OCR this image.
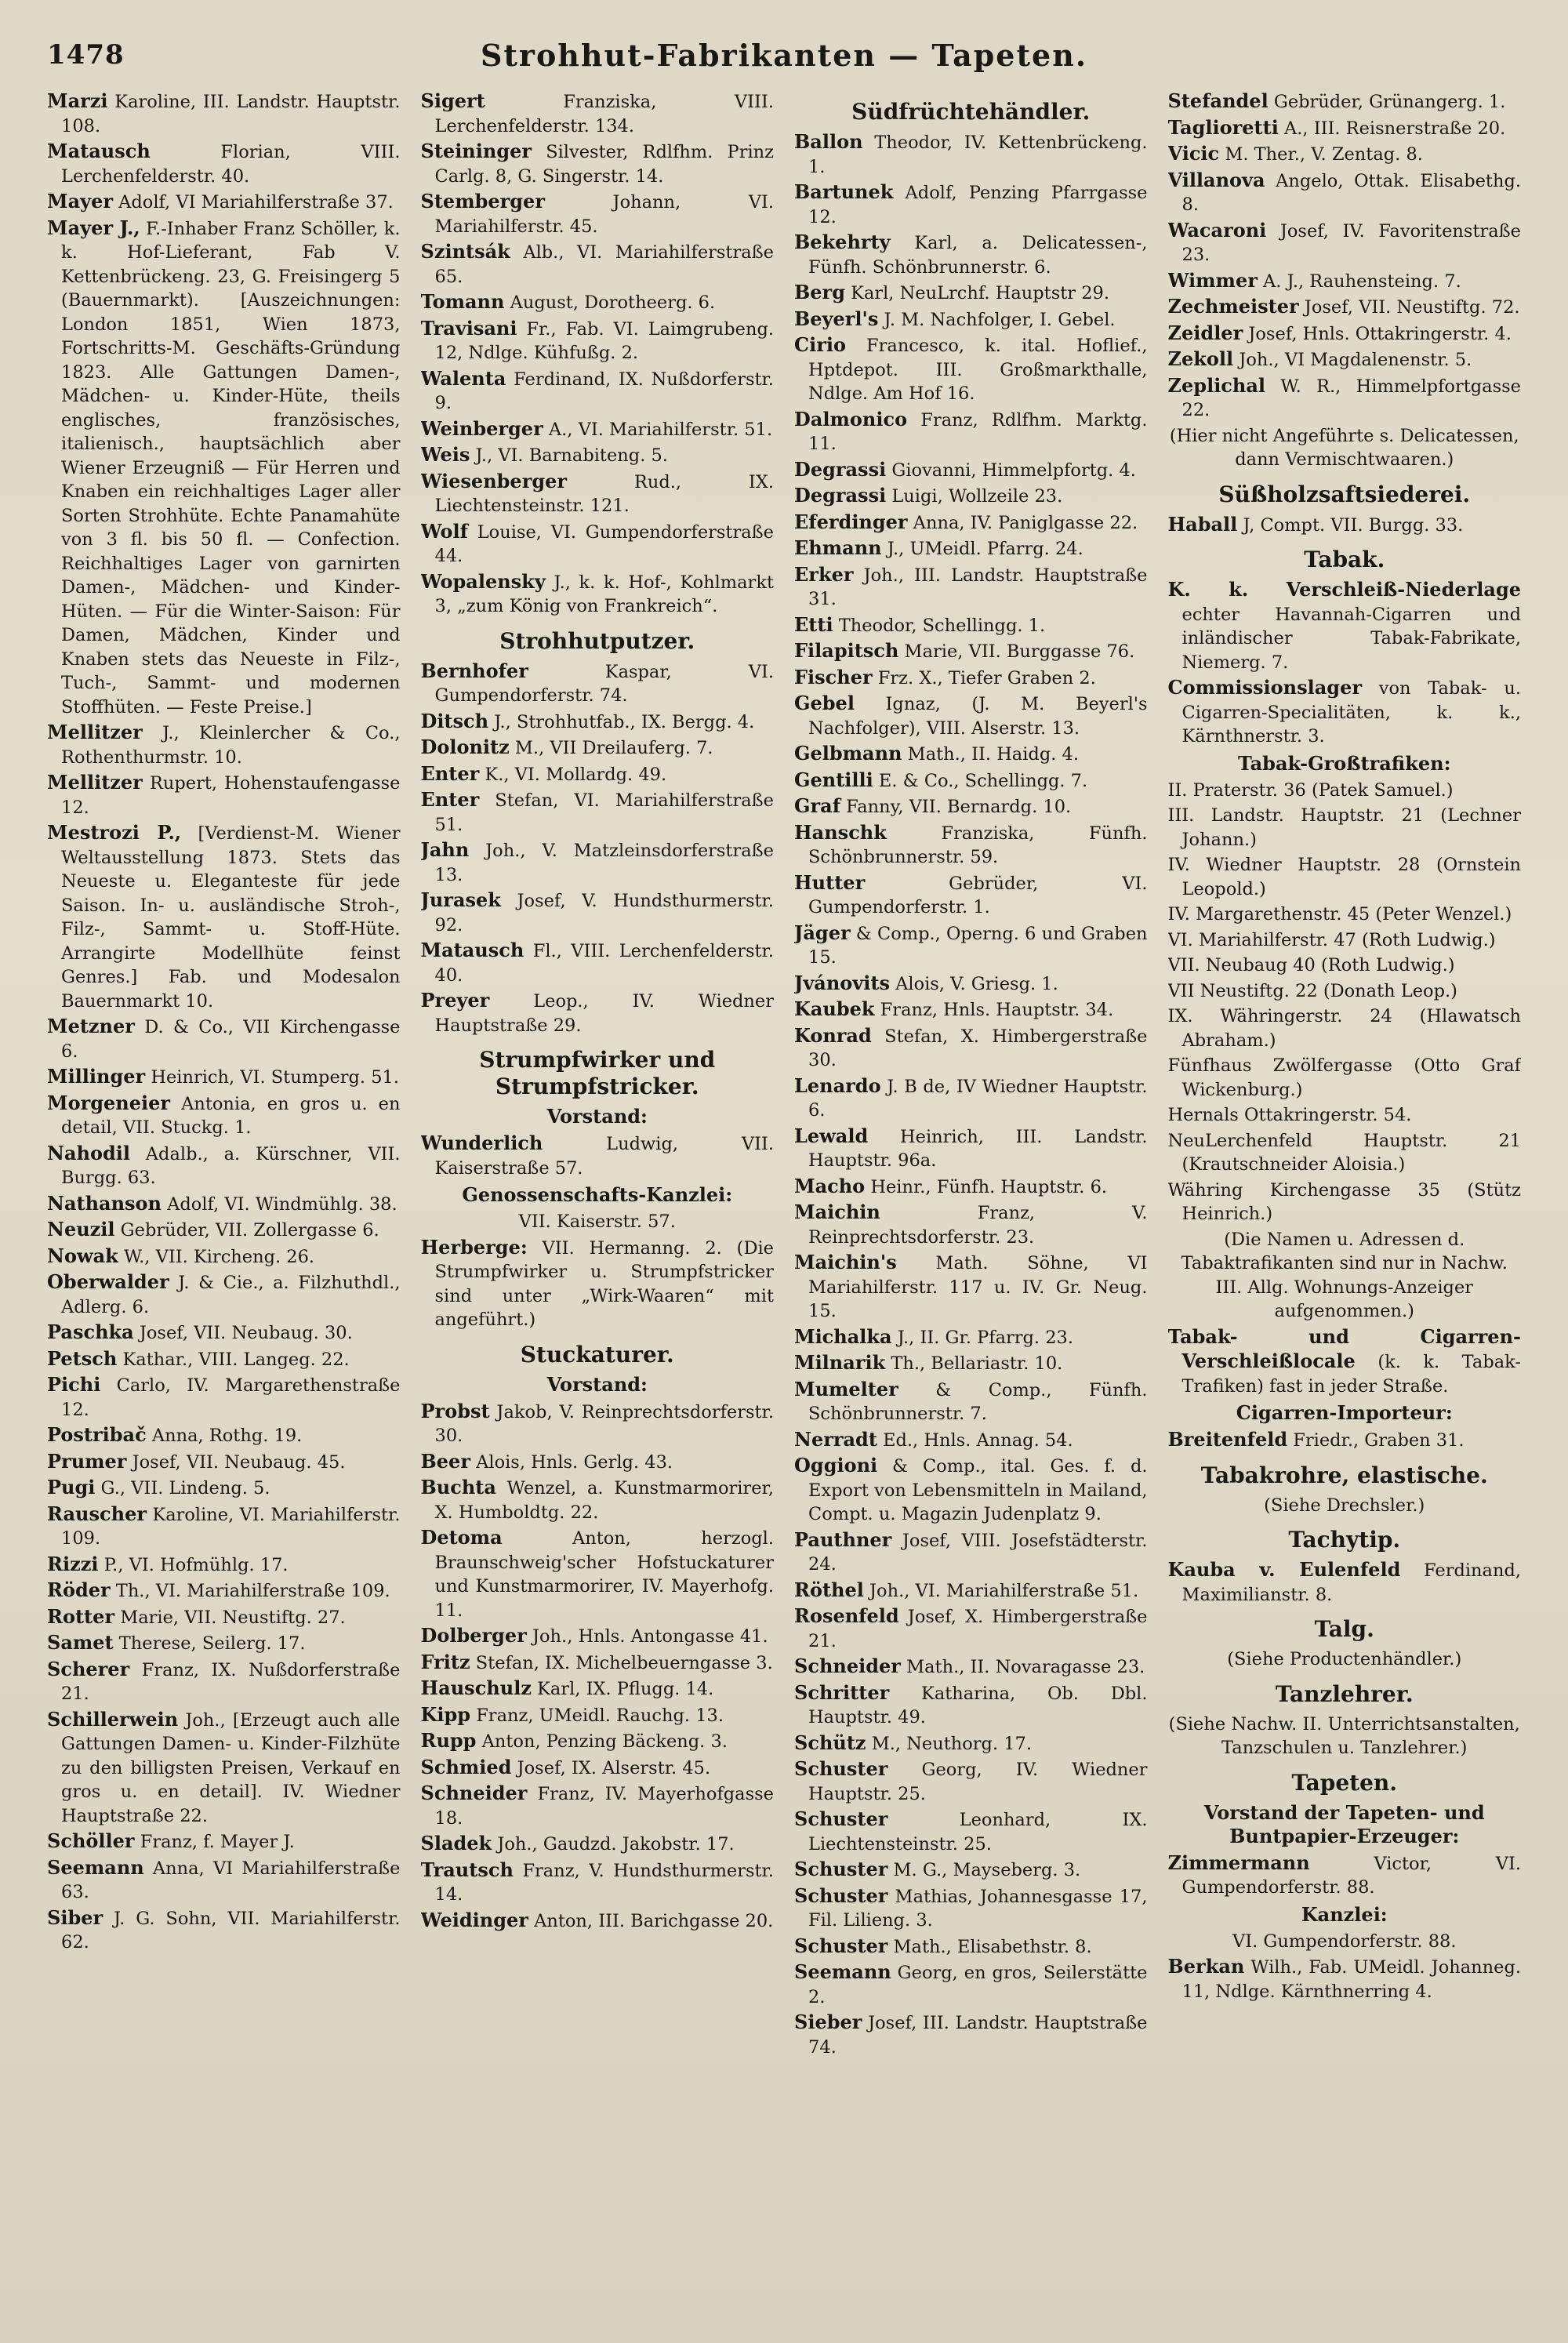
1478	Strohhut-Fabrikanten — Tapeten.
Marzi Karoline, III. Landstr. Hauptstr. 108.
Matausch Florian, VIII. Lerchenfelderstr. 40.
Mayer Adolf, VI Mariahilferstraße 37.
Mayer J., F.-Inhaber Franz Schöller, k. k. Hof-Lieferant, Fab V. Kettenbrückeng. 23, G. Freisingerg 5 (Bauernmarkt). [Auszeichnungen: London 1851, Wien 1873, Fortschritts-M. Geschäfts-Gründung 1823. Alle Gattungen Damen-, Mädchen- u. Kinder-Hüte, theils englisches, französisches, italienisch., hauptsächlich aber Wiener Erzeugniß — Für Herren und Knaben ein reichhaltiges Lager aller Sorten Strohhüte. Echte Panamahüte von 3 fl. bis 50 fl. — Confection. Reichhaltiges Lager von garnirten Damen-, Mädchen- und Kinder-Hüten. — Für die Winter-Saison: Für Damen, Mädchen, Kinder und Knaben stets das Neueste in Filz-, Tuch-, Sammt- und modernen Stoffhüten. — Feste Preise.]
Mellitzer J., Kleinlercher & Co., Rothenthurmstr. 10.
Mellitzer Rupert, Hohenstaufengasse 12.
Mestrozi P., [Verdienst-M. Wiener Weltausstellung 1873. Stets das Neueste u. Eleganteste für jede Saison. In- u. ausländische Stroh-, Filz-, Sammt- u. Stoff-Hüte. Arrangirte Modellhüte feinst Genres.] Fab. und Modesalon Bauernmarkt 10.
Metzner D. & Co., VII Kirchengasse 6.
Millinger Heinrich, VI. Stumperg. 51.
Morgeneier Antonia, en gros u. en detail, VII. Stuckg. 1.
Nahodil Adalb., a. Kürschner, VII. Burgg. 63.
Nathanson Adolf, VI. Windmühlg. 38.
Neuzil Gebrüder, VII. Zollergasse 6.
Nowak W., VII. Kircheng. 26.
Oberwalder J. & Cie., a. Filzhuthdl., Adlerg. 6.
Paschka Josef, VII. Neubaug. 30.
Petsch Kathar., VIII. Langeg. 22.
Pichi Carlo, IV. Margarethenstraße 12.
Postribač Anna, Rothg. 19.
Prumer Josef, VII. Neubaug. 45.
Pugi G., VII. Lindeng. 5.
Rauscher Karoline, VI. Mariahilferstr. 109.
Rizzi P., VI. Hofmühlg. 17.
Röder Th., VI. Mariahilferstraße 109.
Rotter Marie, VII. Neustiftg. 27.
Samet Therese, Seilerg. 17.
Scherer Franz, IX. Nußdorferstraße 21.
Schillerwein Joh., [Erzeugt auch alle Gattungen Damen- u. Kinder-Filzhüte zu den billigsten Preisen, Verkauf en gros u. en detail]. IV. Wiedner Hauptstraße 22.
Schöller Franz, f. Mayer J.
Seemann Anna, VI Mariahilferstraße 63.
Siber J. G. Sohn, VII. Mariahilferstr. 62.
Sigert Franziska, VIII. Lerchenfelderstr. 134.
Steininger Silvester, Rdlfhm. Prinz Carlg. 8, G. Singerstr. 14.
Stemberger Johann, VI. Mariahilferstr. 45.
Szintsák Alb., VI. Mariahilferstraße 65.
Tomann August, Dorotheerg. 6.
Travisani Fr., Fab. VI. Laimgrubeng. 12, Ndlge. Kühfußg. 2.
Walenta Ferdinand, IX. Nußdorferstr. 9.
Weinberger A., VI. Mariahilferstr. 51.
Weis J., VI. Barnabiteng. 5.
Wiesenberger Rud., IX. Liechtensteinstr. 121.
Wolf Louise, VI. Gumpendorferstraße 44.
Wopalensky J., k. k. Hof-, Kohlmarkt 3, „zum König von Frankreich“.
Strohhutputzer.
Bernhofer Kaspar, VI. Gumpendorferstr. 74.
Ditsch J., Strohhutfab., IX. Bergg. 4.
Dolonitz M., VII Dreilauferg. 7.
Enter K., VI. Mollardg. 49.
Enter Stefan, VI. Mariahilferstraße 51.
Jahn Joh., V. Matzleinsdorferstraße 13.
Jurasek Josef, V. Hundsthurmerstr. 92.
Matausch Fl., VIII. Lerchenfelderstr. 40.
Preyer Leop., IV. Wiedner Hauptstraße 29.
Strumpfwirker und Strumpfstricker.
Vorstand:
Wunderlich Ludwig, VII. Kaiserstraße 57.
Genossenschafts-Kanzlei:
VII. Kaiserstr. 57.
Herberge: VII. Hermanng. 2. (Die Strumpfwirker u. Strumpfstricker sind unter „Wirk-Waaren“ mit angeführt.)
Stuckaturer.
Vorstand:
Probst Jakob, V. Reinprechtsdorferstr. 30.
Beer Alois, Hnls. Gerlg. 43.
Buchta Wenzel, a. Kunstmarmorirer, X. Humboldtg. 22.
Detoma Anton, herzogl. Braunschweig'scher Hofstuckaturer und Kunstmarmorirer, IV. Mayerhofg. 11.
Dolberger Joh., Hnls. Antongasse 41.
Fritz Stefan, IX. Michelbeuerngasse 3.
Hauschulz Karl, IX. Pflugg. 14.
Kipp Franz, UMeidl. Rauchg. 13.
Rupp Anton, Penzing Bäckeng. 3.
Schmied Josef, IX. Alserstr. 45.
Schneider Franz, IV. Mayerhofgasse 18.
Sladek Joh., Gaudzd. Jakobstr. 17.
Trautsch Franz, V. Hundsthurmerstr. 14.
Weidinger Anton, III. Barichgasse 20.
Südfrüchtehändler.
Ballon Theodor, IV. Kettenbrückeng. 1.
Bartunek Adolf, Penzing Pfarrgasse 12.
Bekehrty Karl, a. Delicatessen-, Fünfh. Schönbrunnerstr. 6.
Berg Karl, NeuLrchf. Hauptstr 29.
Beyerl's J. M. Nachfolger, I. Gebel.
Cirio Francesco, k. ital. Hoflief., Hptdepot. III. Großmarkthalle, Ndlge. Am Hof 16.
Dalmonico Franz, Rdlfhm. Marktg. 11.
Degrassi Giovanni, Himmelpfortg. 4.
Degrassi Luigi, Wollzeile 23.
Eferdinger Anna, IV. Paniglgasse 22.
Ehmann J., UMeidl. Pfarrg. 24.
Erker Joh., III. Landstr. Hauptstraße 31.
Etti Theodor, Schellingg. 1.
Filapitsch Marie, VII. Burggasse 76.
Fischer Frz. X., Tiefer Graben 2.
Gebel Ignaz, (J. M. Beyerl's Nachfolger), VIII. Alserstr. 13.
Gelbmann Math., II. Haidg. 4.
Gentilli E. & Co., Schellingg. 7.
Graf Fanny, VII. Bernardg. 10.
Hanschk Franziska, Fünfh. Schönbrunnerstr. 59.
Hutter Gebrüder, VI. Gumpendorferstr. 1.
Jäger & Comp., Operng. 6 und Graben 15.
Jvánovits Alois, V. Griesg. 1.
Kaubek Franz, Hnls. Hauptstr. 34.
Konrad Stefan, X. Himbergerstraße 30.
Lenardo J. B de, IV Wiedner Hauptstr. 6.
Lewald Heinrich, III. Landstr. Hauptstr. 96a.
Macho Heinr., Fünfh. Hauptstr. 6.
Maichin Franz, V. Reinprechtsdorferstr. 23.
Maichin's Math. Söhne, VI Mariahilferstr. 117 u. IV. Gr. Neug. 15.
Michalka J., II. Gr. Pfarrg. 23.
Milnarik Th., Bellariastr. 10.
Mumelter & Comp., Fünfh. Schönbrunnerstr. 7.
Nerradt Ed., Hnls. Annag. 54.
Oggioni & Comp., ital. Ges. f. d. Export von Lebensmitteln in Mailand, Compt. u. Magazin Judenplatz 9.
Pauthner Josef, VIII. Josefstädterstr. 24.
Röthel Joh., VI. Mariahilferstraße 51.
Rosenfeld Josef, X. Himbergerstraße 21.
Schneider Math., II. Novaragasse 23.
Schritter Katharina, Ob. Dbl. Hauptstr. 49.
Schütz M., Neuthorg. 17.
Schuster Georg, IV. Wiedner Hauptstr. 25.
Schuster Leonhard, IX. Liechtensteinstr. 25.
Schuster M. G., Mayseberg. 3.
Schuster Mathias, Johannesgasse 17, Fil. Lilieng. 3.
Schuster Math., Elisabethstr. 8.
Seemann Georg, en gros, Seilerstätte 2.
Sieber Josef, III. Landstr. Hauptstraße 74.
Stefandel Gebrüder, Grünangerg. 1.
Taglioretti A., III. Reisnerstraße 20.
Vicic M. Ther., V. Zentag. 8.
Villanova Angelo, Ottak. Elisabethg. 8.
Wacaroni Josef, IV. Favoritenstraße 23.
Wimmer A. J., Rauhensteing. 7.
Zechmeister Josef, VII. Neustiftg. 72.
Zeidler Josef, Hnls. Ottakringerstr. 4.
Zekoll Joh., VI Magdalenenstr. 5.
Zeplichal W. R., Himmelpfortgasse 22.
(Hier nicht Angeführte s. Delicatessen, dann Vermischtwaaren.)
Süßholzsaftsiederei.
Haball J, Compt. VII. Burgg. 33.
Tabak.
K. k. Verschleiß-Niederlage echter Havannah-Cigarren und inländischer Tabak-Fabrikate, Niemerg. 7.
Commissionslager von Tabak- u. Cigarren-Specialitäten, k. k., Kärnthnerstr. 3.
Tabak-Großtrafiken:
II. Praterstr. 36 (Patek Samuel.)
III. Landstr. Hauptstr. 21 (Lechner Johann.)
IV. Wiedner Hauptstr. 28 (Ornstein Leopold.)
IV. Margarethenstr. 45 (Peter Wenzel.)
VI. Mariahilferstr. 47 (Roth Ludwig.)
VII. Neubaug 40 (Roth Ludwig.)
VII Neustiftg. 22 (Donath Leop.)
IX. Währingerstr. 24 (Hlawatsch Abraham.)
Fünfhaus Zwölfergasse (Otto Graf Wickenburg.)
Hernals Ottakringerstr. 54.
NeuLerchenfeld Hauptstr. 21 (Krautschneider Aloisia.)
Währing Kirchengasse 35 (Stütz Heinrich.)
(Die Namen u. Adressen d. Tabaktrafikanten sind nur in Nachw. III. Allg. Wohnungs-Anzeiger aufgenommen.)
Tabak- und Cigarren-Verschleißlocale (k. k. Tabak-Trafiken) fast in jeder Straße.
Cigarren-Importeur:
Breitenfeld Friedr., Graben 31.
Tabakrohre, elastische.
(Siehe Drechsler.)
Tachytip.
Kauba v. Eulenfeld Ferdinand, Maximilianstr. 8.
Talg.
(Siehe Productenhändler.)
Tanzlehrer.
(Siehe Nachw. II. Unterrichtsanstalten, Tanzschulen u. Tanzlehrer.)
Tapeten.
Vorstand der Tapeten- und Buntpapier-Erzeuger:
Zimmermann Victor, VI. Gumpendorferstr. 88.
Kanzlei:
VI. Gumpendorferstr. 88.
Berkan Wilh., Fab. UMeidl. Johanneg. 11, Ndlge. Kärnthnerring 4.
